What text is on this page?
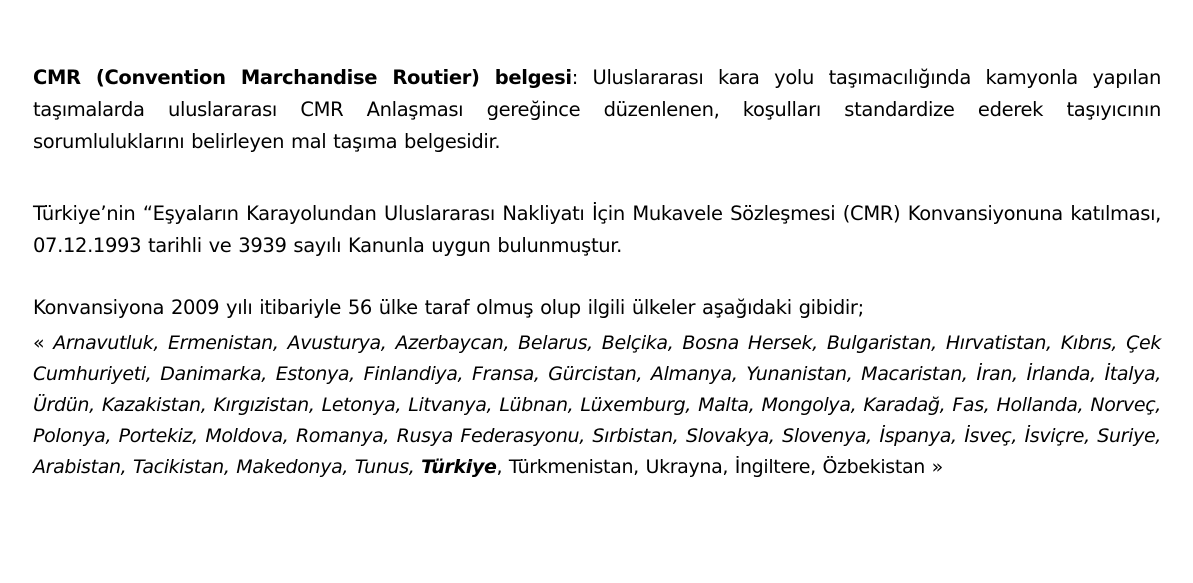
CMR (Convention Marchandise Routier) belgesi: Uluslararası kara yolu taşımacılığında kamyonla yapılan taşımalarda uluslararası CMR Anlaşması gereğince düzenlenen, koşulları standardize ederek taşıyıcının sorumluluklarını belirleyen mal taşıma belgesidir.

Türkiye’nin “Eşyaların Karayolundan Uluslararası Nakliyatı İçin Mukavele Sözleşmesi (CMR) Konvansiyonuna katılması, 07.12.1993 tarihli ve 3939 sayılı Kanunla uygun bulunmuştur.

Konvansiyona 2009 yılı itibariyle 56 ülke taraf olmuş olup ilgili ülkeler aşağıdaki gibidir;

« Arnavutluk, Ermenistan, Avusturya, Azerbaycan, Belarus, Belçika, Bosna Hersek, Bulgaristan, Hırvatistan, Kıbrıs, Çek Cumhuriyeti, Danimarka, Estonya, Finlandiya, Fransa, Gürcistan, Almanya, Yunanistan, Macaristan, İran, İrlanda, İtalya, Ürdün, Kazakistan, Kırgızistan, Letonya, Litvanya, Lübnan, Lüxemburg, Malta, Mongolya, Karadağ, Fas, Hollanda, Norveç, Polonya, Portekiz, Moldova, Romanya, Rusya Federasyonu, Sırbistan, Slovakya, Slovenya, İspanya, İsveç, İsviçre, Suriye, Arabistan, Tacikistan, Makedonya, Tunus, Türkiye, Türkmenistan, Ukrayna, İngiltere, Özbekistan »
